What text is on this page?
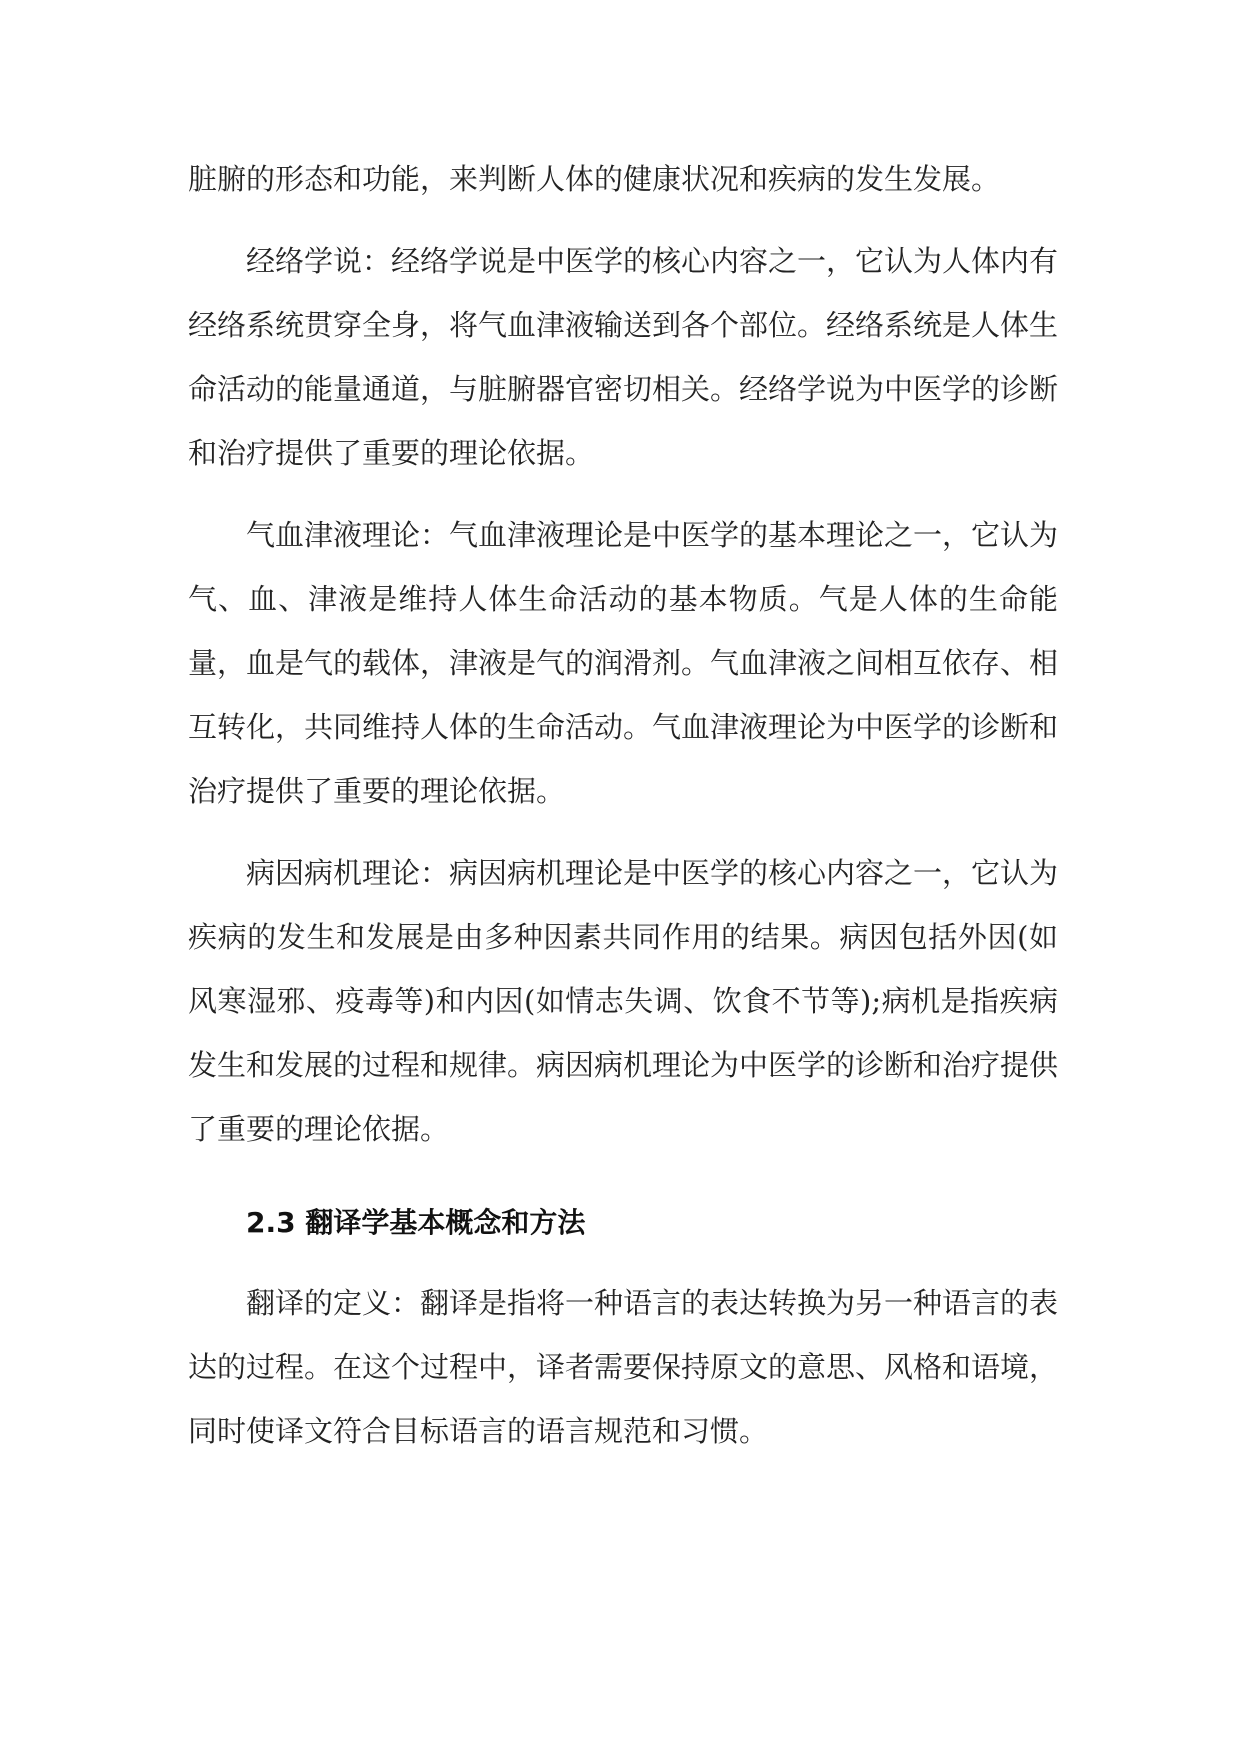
脏腑的形态和功能，来判断人体的健康状况和疾病的发生发展。

经络学说：经络学说是中医学的核心内容之一，它认为人体内有经络系统贯穿全身，将气血津液输送到各个部位。经络系统是人体生命活动的能量通道，与脏腑器官密切相关。经络学说为中医学的诊断和治疗提供了重要的理论依据。

气血津液理论：气血津液理论是中医学的基本理论之一，它认为气、血、津液是维持人体生命活动的基本物质。气是人体的生命能量，血是气的载体，津液是气的润滑剂。气血津液之间相互依存、相互转化，共同维持人体的生命活动。气血津液理论为中医学的诊断和治疗提供了重要的理论依据。

病因病机理论：病因病机理论是中医学的核心内容之一，它认为疾病的发生和发展是由多种因素共同作用的结果。病因包括外因(如风寒湿邪、疫毒等)和内因(如情志失调、饮食不节等);病机是指疾病发生和发展的过程和规律。病因病机理论为中医学的诊断和治疗提供了重要的理论依据。

2.3 翻译学基本概念和方法

翻译的定义：翻译是指将一种语言的表达转换为另一种语言的表达的过程。在这个过程中，译者需要保持原文的意思、风格和语境，同时使译文符合目标语言的语言规范和习惯。
